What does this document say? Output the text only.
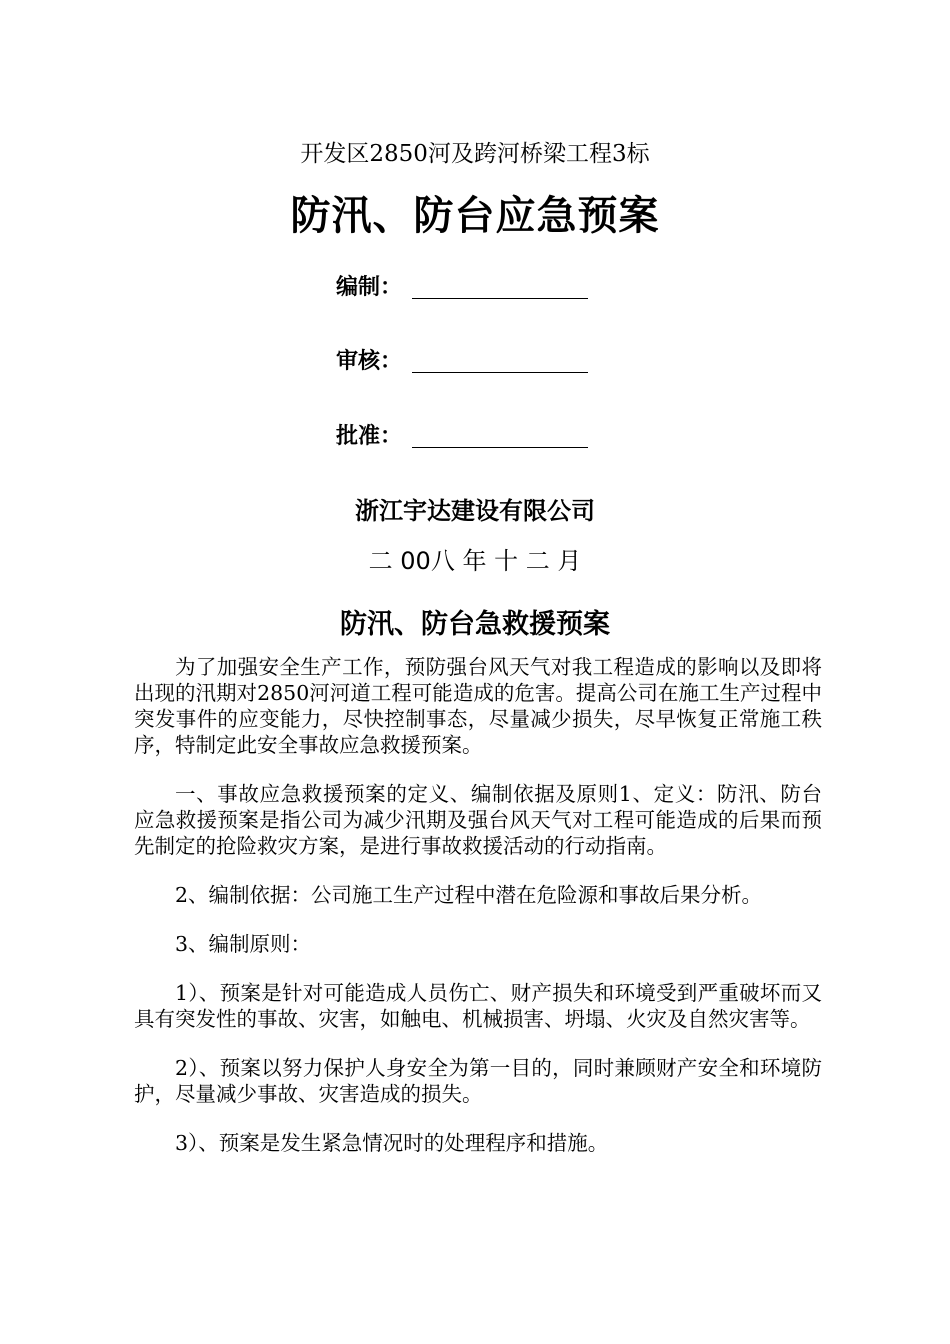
开发区2850河及跨河桥梁工程3标
防汛、防台应急预案
编制：
审核：
批准：
浙江宇达建设有限公司
二 00八 年 十 二 月
防汛、防台急救援预案

为了加强安全生产工作，预防强台风天气对我工程造成的影响以及即将出现的汛期对2850河河道工程可能造成的危害。提高公司在施工生产过程中突发事件的应变能力，尽快控制事态，尽量减少损失，尽早恢复正常施工秩序，特制定此安全事故应急救援预案。

一、事故应急救援预案的定义、编制依据及原则1、定义：防汛、防台应急救援预案是指公司为减少汛期及强台风天气对工程可能造成的后果而预先制定的抢险救灾方案，是进行事故救援活动的行动指南。

2、编制依据：公司施工生产过程中潜在危险源和事故后果分析。

3、编制原则：

1）、预案是针对可能造成人员伤亡、财产损失和环境受到严重破坏而又具有突发性的事故、灾害，如触电、机械损害、坍塌、火灾及自然灾害等。

2）、预案以努力保护人身安全为第一目的，同时兼顾财产安全和环境防护，尽量减少事故、灾害造成的损失。

3）、预案是发生紧急情况时的处理程序和措施。
